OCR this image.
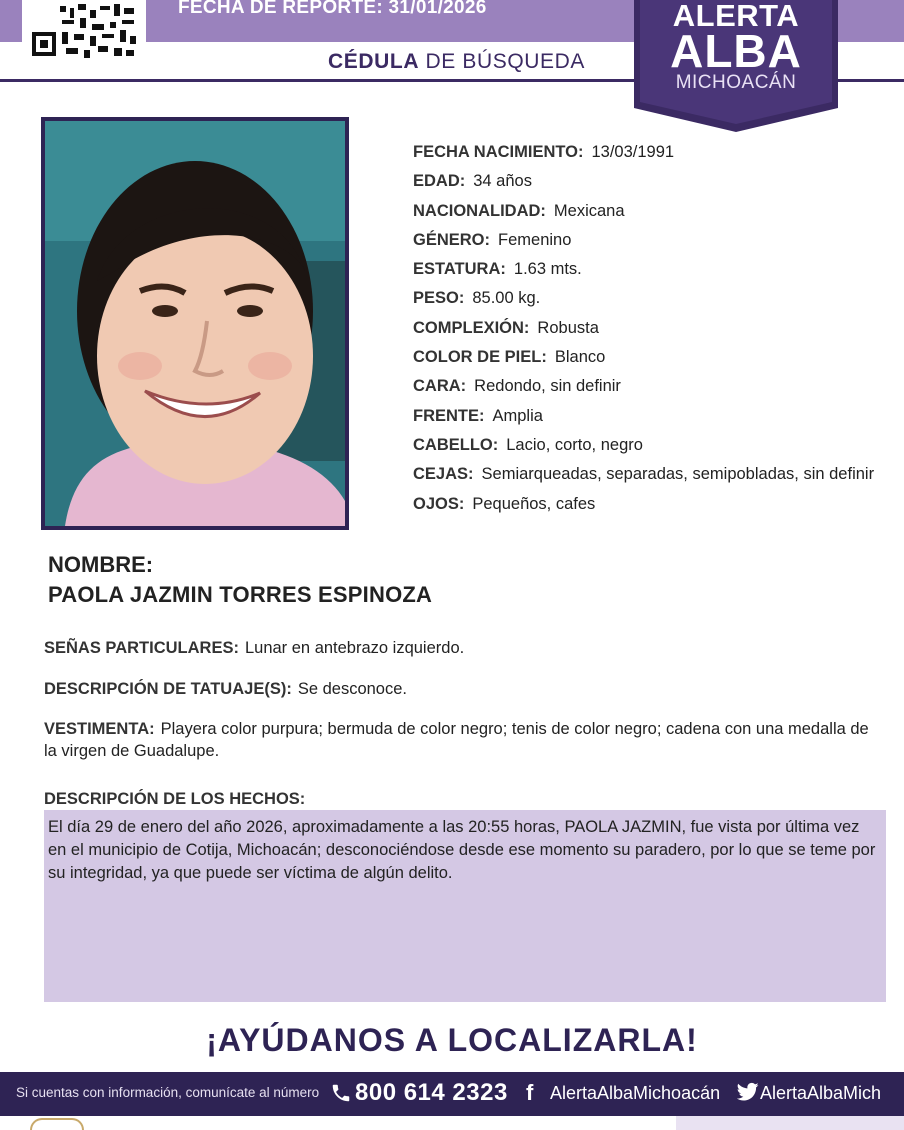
FECHA DE REPORTE: 31/01/2026
CÉDULA DE BÚSQUEDA
ALERTA
ALBA
MICHOACÁN
FECHA NACIMIENTO: 13/03/1991
EDAD: 34 años
NACIONALIDAD: Mexicana
GÉNERO: Femenino
ESTATURA: 1.63 mts.
PESO: 85.00 kg.
COMPLEXIÓN: Robusta
COLOR DE PIEL: Blanco
CARA: Redondo, sin definir
FRENTE: Amplia
CABELLO: Lacio, corto, negro
CEJAS: Semiarqueadas, separadas, semipobladas, sin definir
OJOS: Pequeños, cafes
NOMBRE:
PAOLA JAZMIN TORRES ESPINOZA
SEÑAS PARTICULARES: Lunar en antebrazo izquierdo.
DESCRIPCIÓN DE TATUAJE(S): Se desconoce.
VESTIMENTA: Playera color purpura; bermuda de color negro; tenis de color negro; cadena con una medalla de la virgen de Guadalupe.
DESCRIPCIÓN DE LOS HECHOS:
El día 29 de enero del año 2026, aproximadamente a las 20:55 horas, PAOLA JAZMIN, fue vista por última vez en el municipio de Cotija, Michoacán; desconociéndose desde ese momento su paradero, por lo que se teme por su integridad, ya que puede ser víctima de algún delito.
¡AYÚDANOS A LOCALIZARLA!
Si cuentas con información, comunícate al número 800 614 2323 f AlertaAlbaMichoacán AlertaAlbaMich
